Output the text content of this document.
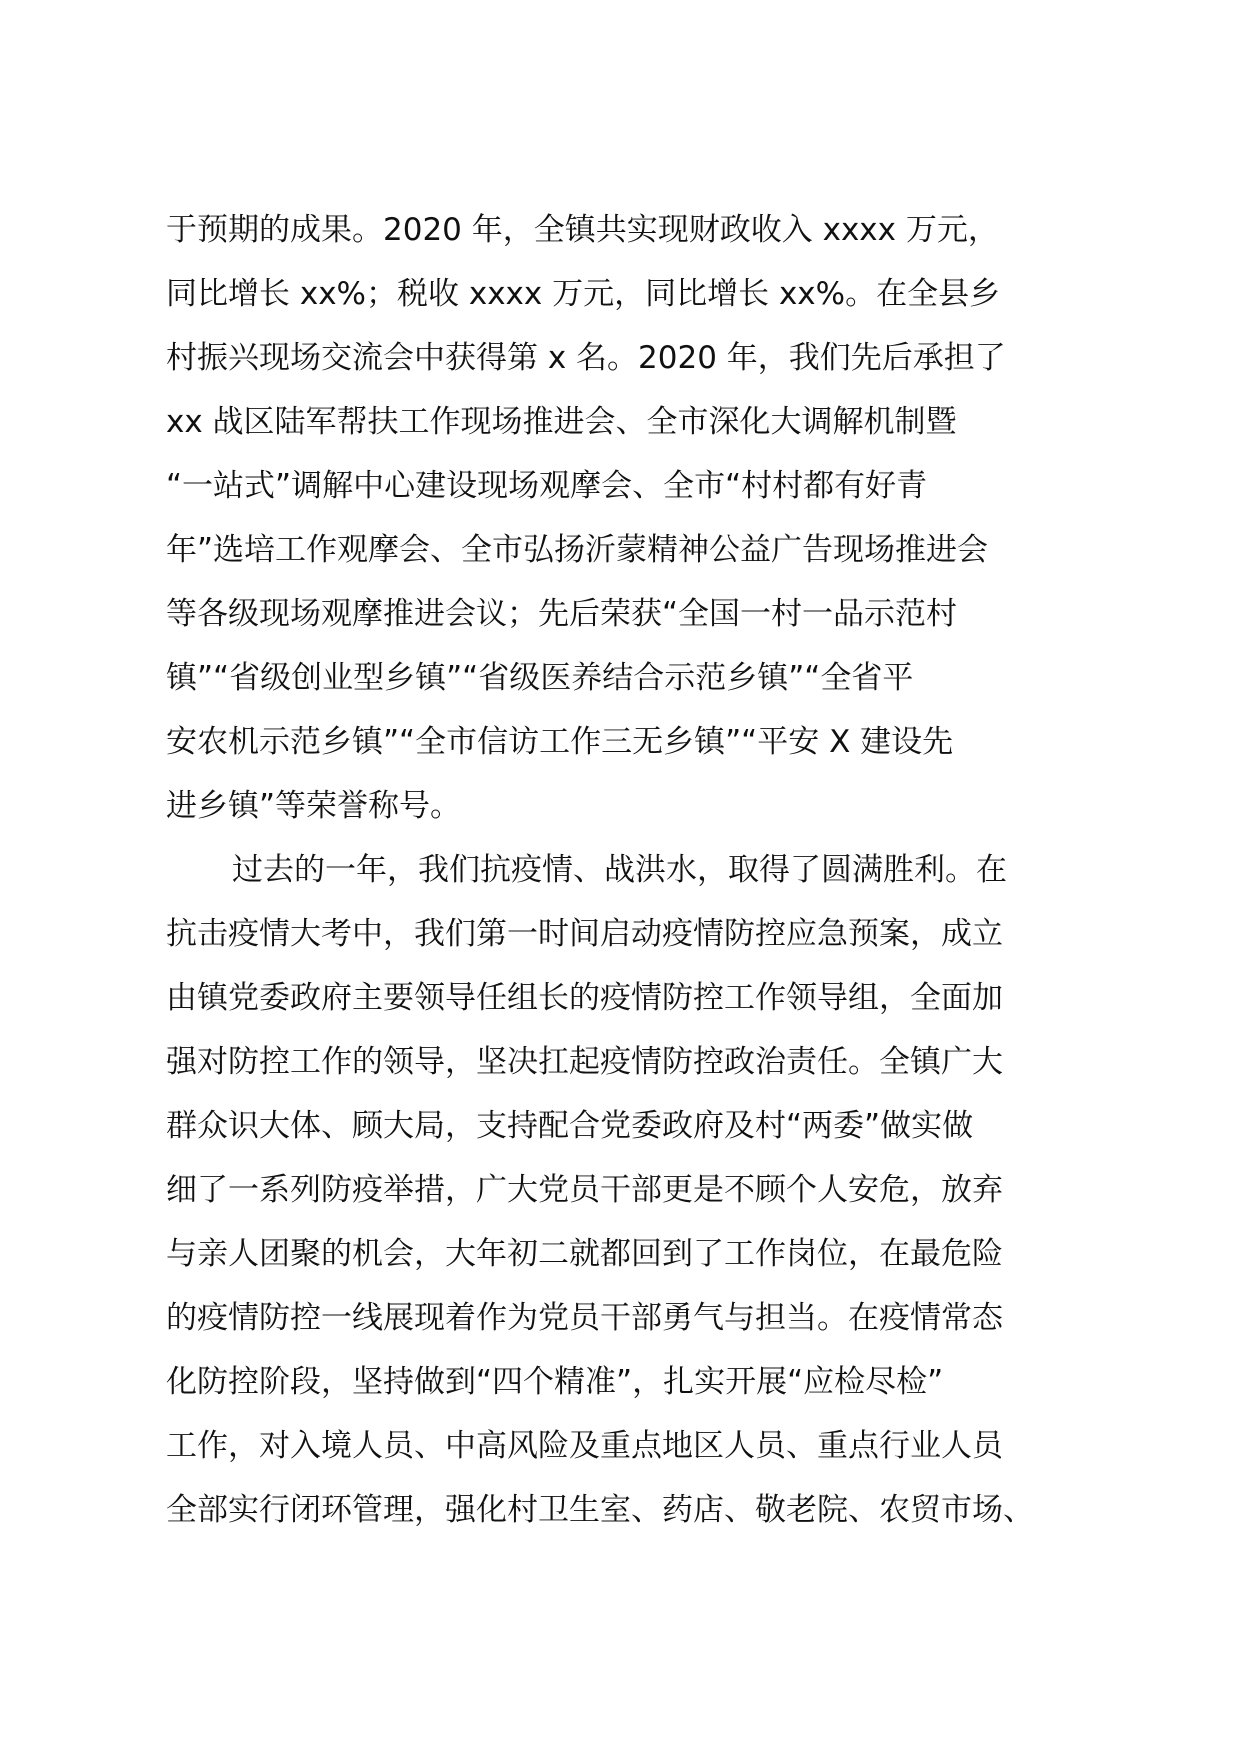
于预期的成果。2020 年，全镇共实现财政收入 xxxx 万元，
同比增长 xx%；税收 xxxx 万元，同比增长 xx%。在全县乡
村振兴现场交流会中获得第 x 名。2020 年，我们先后承担了
xx 战区陆军帮扶工作现场推进会、全市深化大调解机制暨
“一站式”调解中心建设现场观摩会、全市“村村都有好青
年”选培工作观摩会、全市弘扬沂蒙精神公益广告现场推进会
等各级现场观摩推进会议；先后荣获“全国一村一品示范村
镇”“省级创业型乡镇”“省级医养结合示范乡镇”“全省平
安农机示范乡镇”“全市信访工作三无乡镇”“平安 X 建设先
进乡镇”等荣誉称号。
过去的一年，我们抗疫情、战洪水，取得了圆满胜利。在
抗击疫情大考中，我们第一时间启动疫情防控应急预案，成立
由镇党委政府主要领导任组长的疫情防控工作领导组，全面加
强对防控工作的领导，坚决扛起疫情防控政治责任。全镇广大
群众识大体、顾大局，支持配合党委政府及村“两委”做实做
细了一系列防疫举措，广大党员干部更是不顾个人安危，放弃
与亲人团聚的机会，大年初二就都回到了工作岗位，在最危险
的疫情防控一线展现着作为党员干部勇气与担当。在疫情常态
化防控阶段，坚持做到“四个精准”，扎实开展“应检尽检”
工作，对入境人员、中高风险及重点地区人员、重点行业人员
全部实行闭环管理，强化村卫生室、药店、敬老院、农贸市场、
